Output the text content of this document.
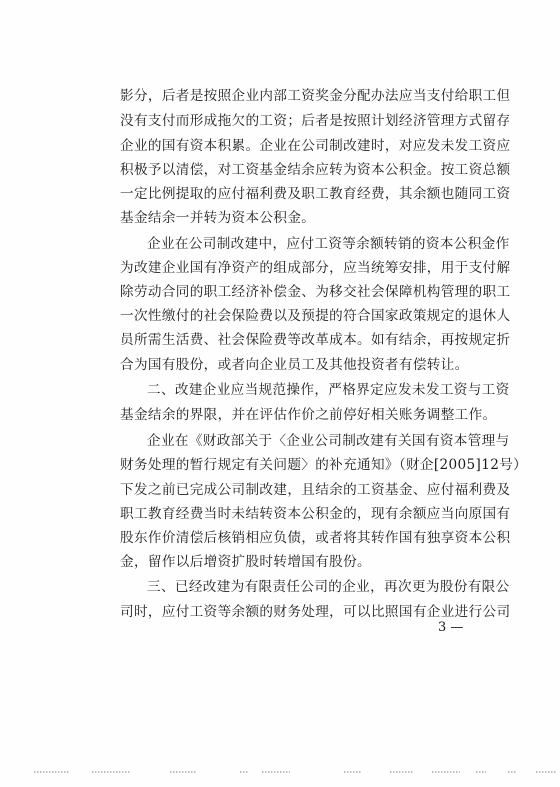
影分，后者是按照企业内部工资奖金分配办法应当支付给职工但
没有支付而形成拖欠的工资；后者是按照计划经济管理方式留存
企业的国有资本积累。企业在公司制改建时，对应发未发工资应
积极予以清偿，对工资基金结余应转为资本公积金。按工资总额
一定比例提取的应付福利费及职工教育经费，其余额也随同工资
基金结余一并转为资本公积金。
企业在公司制改建中，应付工资等余额转销的资本公积金作
为改建企业国有净资产的组成部分，应当统筹安排，用于支付解
除劳动合同的职工经济补偿金、为移交社会保障机构管理的职工
一次性缴付的社会保险费以及预提的符合国家政策规定的退休人
员所需生活费、社会保险费等改革成本。如有结余，再按规定折
合为国有股份，或者向企业员工及其他投资者有偿转让。
二、改建企业应当规范操作，严格界定应发未发工资与工资
基金结余的界限，并在评估作价之前停好相关账务调整工作。
企业在《财政部关于〈企业公司制改建有关国有资本管理与
财务处理的暂行规定有关问题〉的补充通知》（财企[2005]12号）
下发之前已完成公司制改建，且结余的工资基金、应付福利费及
职工教育经费当时未结转资本公积金的，现有余额应当向原国有
股东作价清偿后核销相应负债，或者将其转作国有独享资本公积
金，留作以后增资扩股时转增国有股份。
三、已经改建为有限责任公司的企业，再次更为股份有限公
司时，应付工资等余额的财务处理，可以比照国有企业进行公司
3 —
